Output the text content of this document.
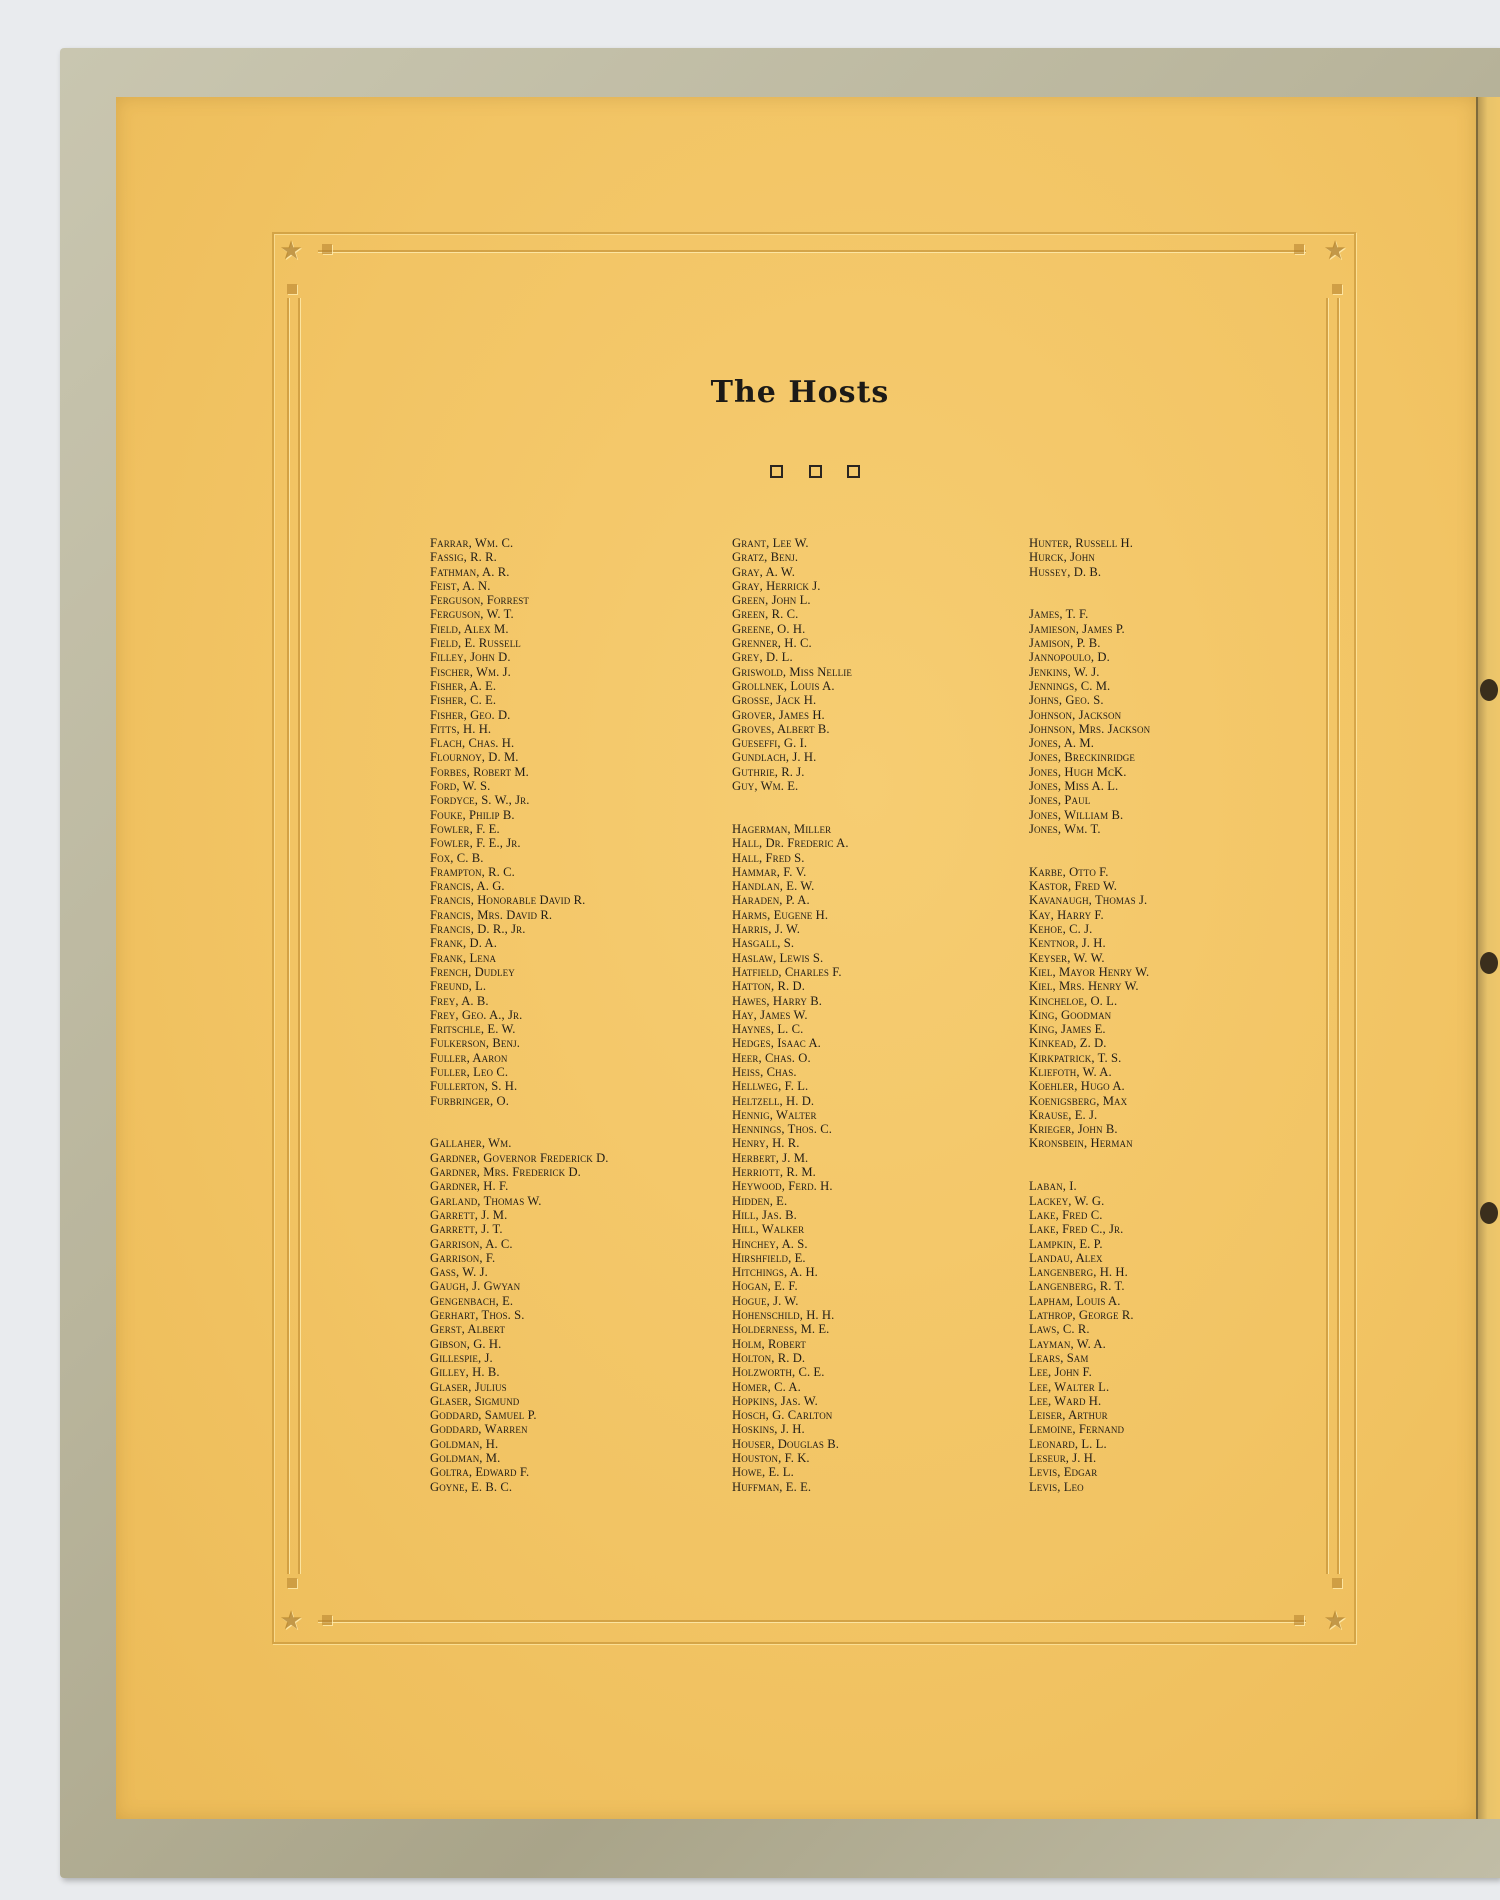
★	★
★	★
The Hosts
Farrar, Wm. C.
Fassig, R. R.
Fathman, A. R.
Feist, A. N.
Ferguson, Forrest
Ferguson, W. T.
Field, Alex M.
Field, E. Russell
Filley, John D.
Fischer, Wm. J.
Fisher, A. E.
Fisher, C. E.
Fisher, Geo. D.
Fitts, H. H.
Flach, Chas. H.
Flournoy, D. M.
Forbes, Robert M.
Ford, W. S.
Fordyce, S. W., Jr.
Fouke, Philip B.
Fowler, F. E.
Fowler, F. E., Jr.
Fox, C. B.
Frampton, R. C.
Francis, A. G.
Francis, Honorable David R.
Francis, Mrs. David R.
Francis, D. R., Jr.
Frank, D. A.
Frank, Lena
French, Dudley
Freund, L.
Frey, A. B.
Frey, Geo. A., Jr.
Fritschle, E. W.
Fulkerson, Benj.
Fuller, Aaron
Fuller, Leo C.
Fullerton, S. H.
Furbringer, O.
Gallaher, Wm.
Gardner, Governor Frederick D.
Gardner, Mrs. Frederick D.
Gardner, H. F.
Garland, Thomas W.
Garrett, J. M.
Garrett, J. T.
Garrison, A. C.
Garrison, F.
Gass, W. J.
Gaugh, J. Gwyan
Gengenbach, E.
Gerhart, Thos. S.
Gerst, Albert
Gibson, G. H.
Gillespie, J.
Gilley, H. B.
Glaser, Julius
Glaser, Sigmund
Goddard, Samuel P.
Goddard, Warren
Goldman, H.
Goldman, M.
Goltra, Edward F.
Goyne, E. B. C.
Grant, Lee W.
Gratz, Benj.
Gray, A. W.
Gray, Herrick J.
Green, John L.
Green, R. C.
Greene, O. H.
Grenner, H. C.
Grey, D. L.
Griswold, Miss Nellie
Grollnek, Louis A.
Grosse, Jack H.
Grover, James H.
Groves, Albert B.
Gueseffi, G. I.
Gundlach, J. H.
Guthrie, R. J.
Guy, Wm. E.
Hagerman, Miller
Hall, Dr. Frederic A.
Hall, Fred S.
Hammar, F. V.
Handlan, E. W.
Haraden, P. A.
Harms, Eugene H.
Harris, J. W.
Hasgall, S.
Haslaw, Lewis S.
Hatfield, Charles F.
Hatton, R. D.
Hawes, Harry B.
Hay, James W.
Haynes, L. C.
Hedges, Isaac A.
Heer, Chas. O.
Heiss, Chas.
Hellweg, F. L.
Heltzell, H. D.
Hennig, Walter
Hennings, Thos. C.
Henry, H. R.
Herbert, J. M.
Herriott, R. M.
Heywood, Ferd. H.
Hidden, E.
Hill, Jas. B.
Hill, Walker
Hinchey, A. S.
Hirshfield, E.
Hitchings, A. H.
Hogan, E. F.
Hogue, J. W.
Hohenschild, H. H.
Holderness, M. E.
Holm, Robert
Holton, R. D.
Holzworth, C. E.
Homer, C. A.
Hopkins, Jas. W.
Hosch, G. Carlton
Hoskins, J. H.
Houser, Douglas B.
Houston, F. K.
Howe, E. L.
Huffman, E. E.
Hunter, Russell H.
Hurck, John
Hussey, D. B.
James, T. F.
Jamieson, James P.
Jamison, P. B.
Jannopoulo, D.
Jenkins, W. J.
Jennings, C. M.
Johns, Geo. S.
Johnson, Jackson
Johnson, Mrs. Jackson
Jones, A. M.
Jones, Breckinridge
Jones, Hugh McK.
Jones, Miss A. L.
Jones, Paul
Jones, William B.
Jones, Wm. T.
Karbe, Otto F.
Kastor, Fred W.
Kavanaugh, Thomas J.
Kay, Harry F.
Kehoe, C. J.
Kentnor, J. H.
Keyser, W. W.
Kiel, Mayor Henry W.
Kiel, Mrs. Henry W.
Kincheloe, O. L.
King, Goodman
King, James E.
Kinkead, Z. D.
Kirkpatrick, T. S.
Kliefoth, W. A.
Koehler, Hugo A.
Koenigsberg, Max
Krause, E. J.
Krieger, John B.
Kronsbein, Herman
Laban, I.
Lackey, W. G.
Lake, Fred C.
Lake, Fred C., Jr.
Lampkin, E. P.
Landau, Alex
Langenberg, H. H.
Langenberg, R. T.
Lapham, Louis A.
Lathrop, George R.
Laws, C. R.
Layman, W. A.
Lears, Sam
Lee, John F.
Lee, Walter L.
Lee, Ward H.
Leiser, Arthur
Lemoine, Fernand
Leonard, L. L.
Leseur, J. H.
Levis, Edgar
Levis, Leo
